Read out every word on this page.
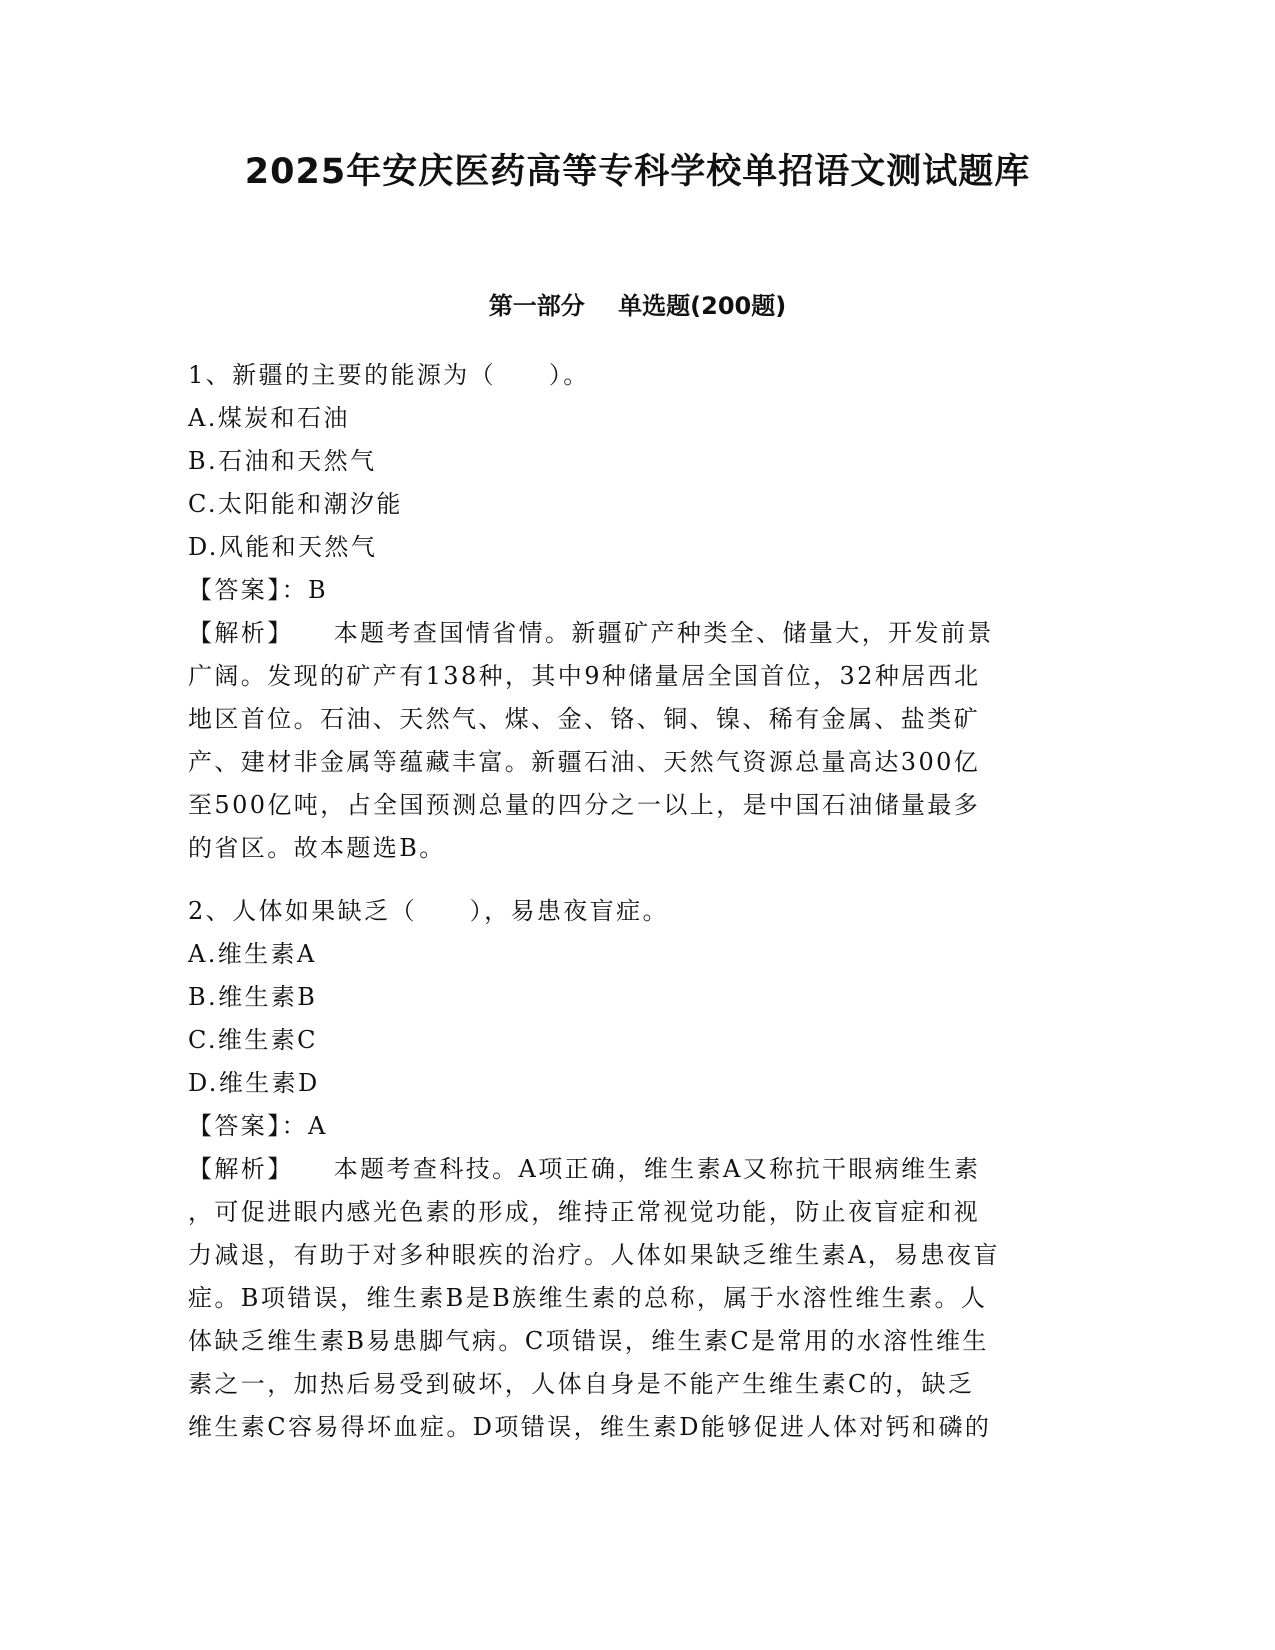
2025年安庆医药高等专科学校单招语文测试题库
第一部分    单选题(200题)
1、新疆的主要的能源为（　　）。
A.煤炭和石油
B.石油和天然气
C.太阳能和潮汐能
D.风能和天然气
【答案】：B
【解析】    本题考查国情省情。新疆矿产种类全、储量大，开发前景
广阔。发现的矿产有138种，其中9种储量居全国首位，32种居西北
地区首位。石油、天然气、煤、金、铬、铜、镍、稀有金属、盐类矿
产、建材非金属等蕴藏丰富。新疆石油、天然气资源总量高达300亿
至500亿吨，占全国预测总量的四分之一以上，是中国石油储量最多
的省区。故本题选B。
2、人体如果缺乏（　　），易患夜盲症。
A.维生素A
B.维生素B
C.维生素C
D.维生素D
【答案】：A
【解析】    本题考查科技。A项正确，维生素A又称抗干眼病维生素
，可促进眼内感光色素的形成，维持正常视觉功能，防止夜盲症和视
力减退，有助于对多种眼疾的治疗。人体如果缺乏维生素A，易患夜盲
症。B项错误，维生素B是B族维生素的总称，属于水溶性维生素。人
体缺乏维生素B易患脚气病。C项错误，维生素C是常用的水溶性维生
素之一，加热后易受到破坏，人体自身是不能产生维生素C的，缺乏
维生素C容易得坏血症。D项错误，维生素D能够促进人体对钙和磷的
